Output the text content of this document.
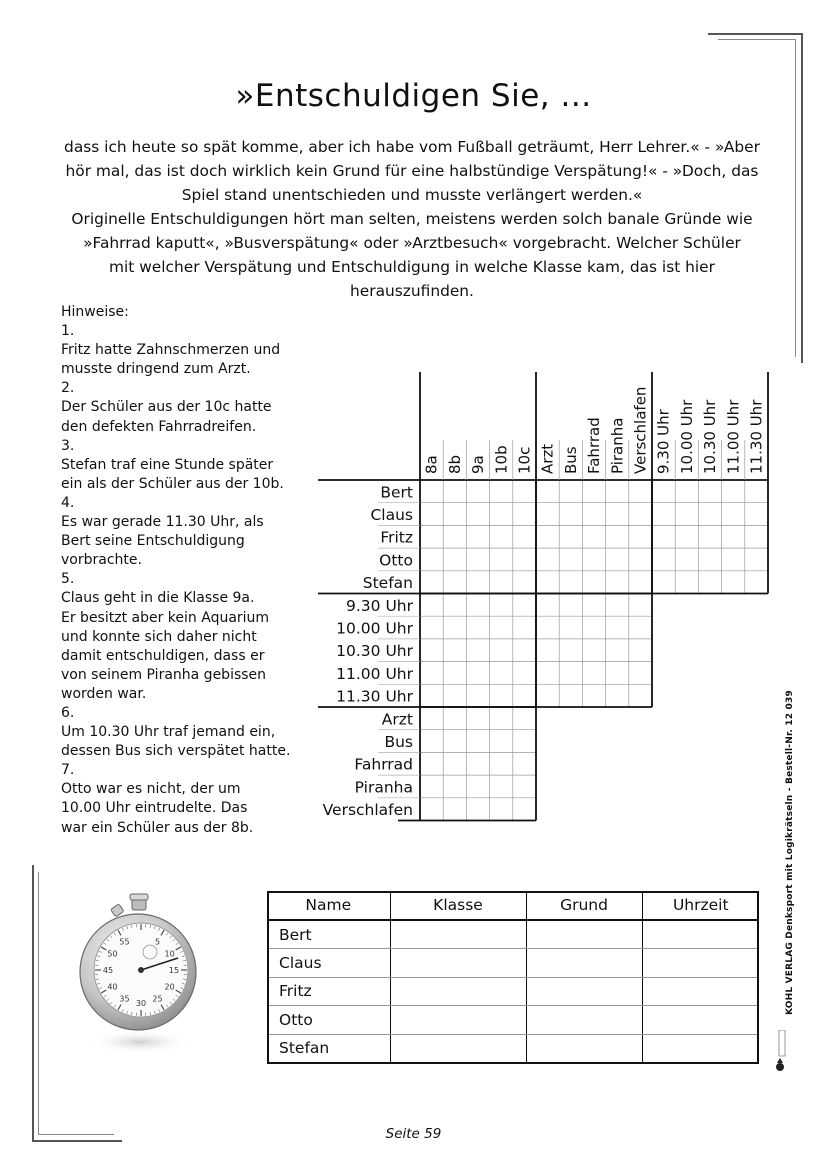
»Entschuldigen Sie, ...
dass ich heute so spät komme, aber ich habe vom Fußball geträumt, Herr Lehrer.« - »Aber
hör mal, das ist doch wirklich kein Grund für eine halbstündige Verspätung!« - »Doch, das
Spiel stand unentschieden und musste verlängert werden.«
Originelle Entschuldigungen hört man selten, meistens werden solch banale Gründe wie
»Fahrrad kaputt«, »Busverspätung« oder »Arztbesuch« vorgebracht. Welcher Schüler
mit welcher Verspätung und Entschuldigung in welche Klasse kam, das ist hier
herauszufinden.
Hinweise:
1.
Fritz hatte Zahnschmerzen und
musste dringend zum Arzt.
2.
Der Schüler aus der 10c hatte
den defekten Fahrradreifen.
3.
Stefan traf eine Stunde später
ein als der Schüler aus der 10b.
4.
Es war gerade 11.30 Uhr, als
Bert seine Entschuldigung
vorbrachte.
5.
Claus geht in die Klasse 9a.
Er besitzt aber kein Aquarium
und konnte sich daher nicht
damit entschuldigen, dass er
von seinem Piranha gebissen
worden war.
6.
Um 10.30 Uhr traf jemand ein,
dessen Bus sich verspätet hatte.
7.
Otto war es nicht, der um
10.00 Uhr eintrudelte. Das
war ein Schüler aus der 8b.
8a 8b 9a 10b 10c Arzt Bus Fahrrad Piranha Verschlafen 9.30 Uhr 10.00 Uhr 10.30 Uhr 11.00 Uhr 11.30 Uhr
Bert
Claus
Fritz
Otto
Stefan
9.30 Uhr
10.00 Uhr
10.30 Uhr
11.00 Uhr
11.30 Uhr
Arzt
Bus
Fahrrad
Piranha
Verschlafen
Name	Klasse	Grund	Uhrzeit
Bert			
Claus			
Fritz			
Otto			
Stefan			
55	5
50	10
45	15
40	20
35 30 25	KOHL VERLAG Denksport mit Logikrätseln - Bestell-Nr. 12 039
Seite 59
